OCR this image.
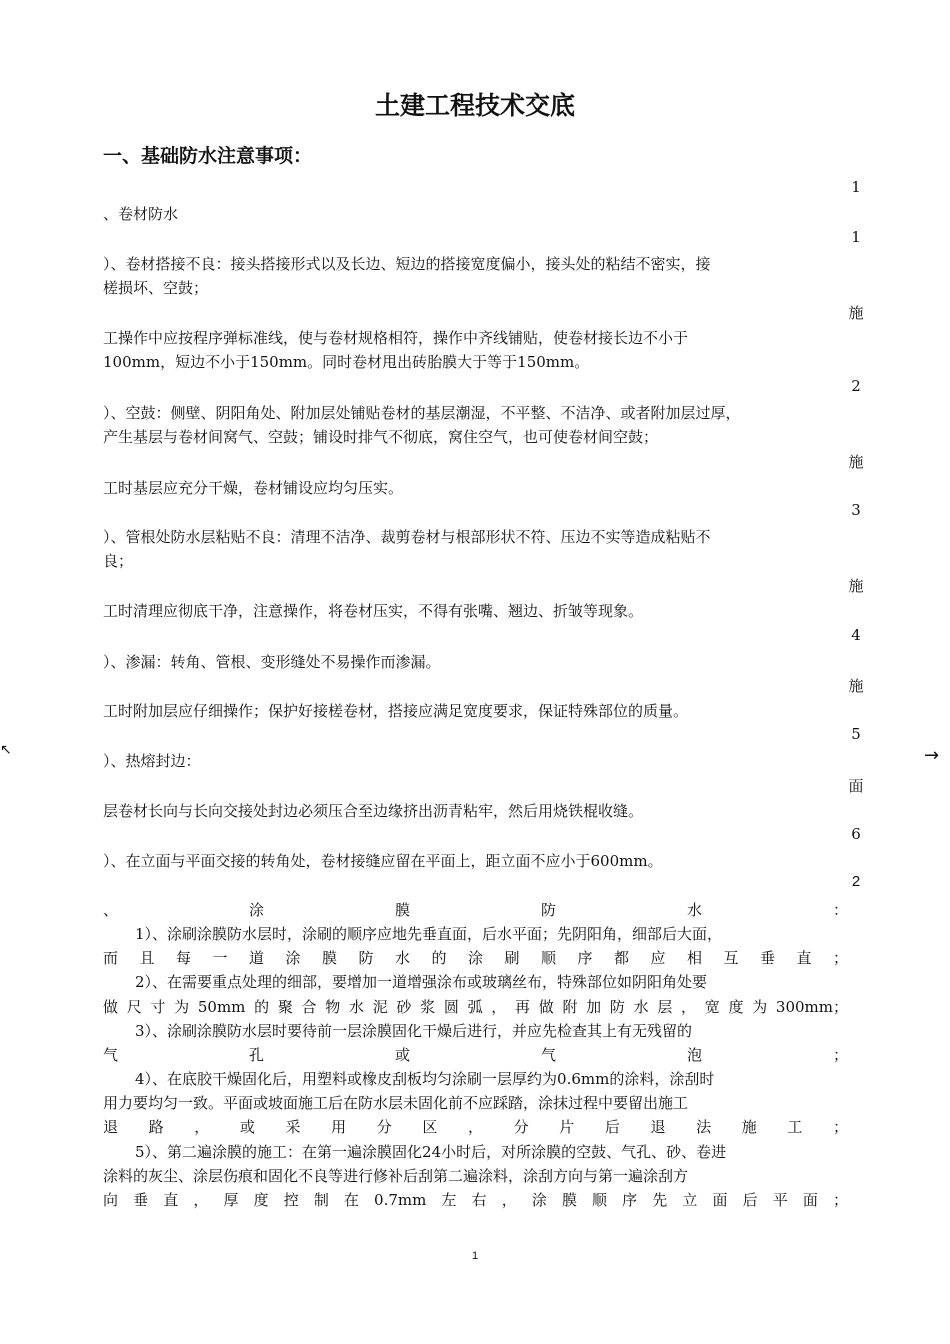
土建工程技术交底
一、基础防水注意事项：
1
、卷材防水
1
）、卷材搭接不良：接头搭接形式以及长边、短边的搭接宽度偏小，接头处的粘结不密实，接
槎损坏、空鼓；
施
工操作中应按程序弹标准线，使与卷材规格相符，操作中齐线铺贴，使卷材接长边不小于
100mm，短边不小于150mm。同时卷材甩出砖胎膜大于等于150mm。
2
）、空鼓：侧壁、阴阳角处、附加层处铺贴卷材的基层潮湿，不平整、不洁净、或者附加层过厚，
产生基层与卷材间窝气、空鼓；铺设时排气不彻底，窝住空气，也可使卷材间空鼓；
施
工时基层应充分干燥，卷材铺设应均匀压实。
3
）、管根处防水层粘贴不良：清理不洁净、裁剪卷材与根部形状不符、压边不实等造成粘贴不
良；
施
工时清理应彻底干净，注意操作，将卷材压实，不得有张嘴、翘边、折皱等现象。
4
）、渗漏：转角、管根、变形缝处不易操作而渗漏。
施
工时附加层应仔细操作；保护好接槎卷材，搭接应满足宽度要求，保证特殊部位的质量。
5
）、热熔封边：
面
层卷材长向与长向交接处封边必须压合至边缘挤出沥青粘牢，然后用烧铁棍收缝。
6
）、在立面与平面交接的转角处，卷材接缝应留在平面上，距立面不应小于600mm。
2
、涂膜防水：
1）、涂刷涂膜防水层时，涂刷的顺序应地先垂直面，后水平面；先阴阳角，细部后大面，
而且每一道涂膜防水的涂刷顺序都应相互垂直；
2）、在需要重点处理的细部，要增加一道增强涂布或玻璃丝布，特殊部位如阴阳角处要
做尺寸为50mm的聚合物水泥砂浆圆弧，再做附加防水层，宽度为300mm；
3）、涂刷涂膜防水层时要待前一层涂膜固化干燥后进行，并应先检查其上有无残留的
气孔或气泡；
4）、在底胶干燥固化后，用塑料或橡皮刮板均匀涂刷一层厚约为0.6mm的涂料，涂刮时
用力要均匀一致。平面或坡面施工后在防水层未固化前不应踩踏，涂抹过程中要留出施工
退路，或采用分区，分片后退法施工；
5）、第二遍涂膜的施工：在第一遍涂膜固化24小时后，对所涂膜的空鼓、气孔、砂、卷进
涂料的灰尘、涂层伤痕和固化不良等进行修补后刮第二遍涂料，涂刮方向与第一遍涂刮方
向垂直，厚度控制在0.7mm左右，涂膜顺序先立面后平面；
1
↖	→
